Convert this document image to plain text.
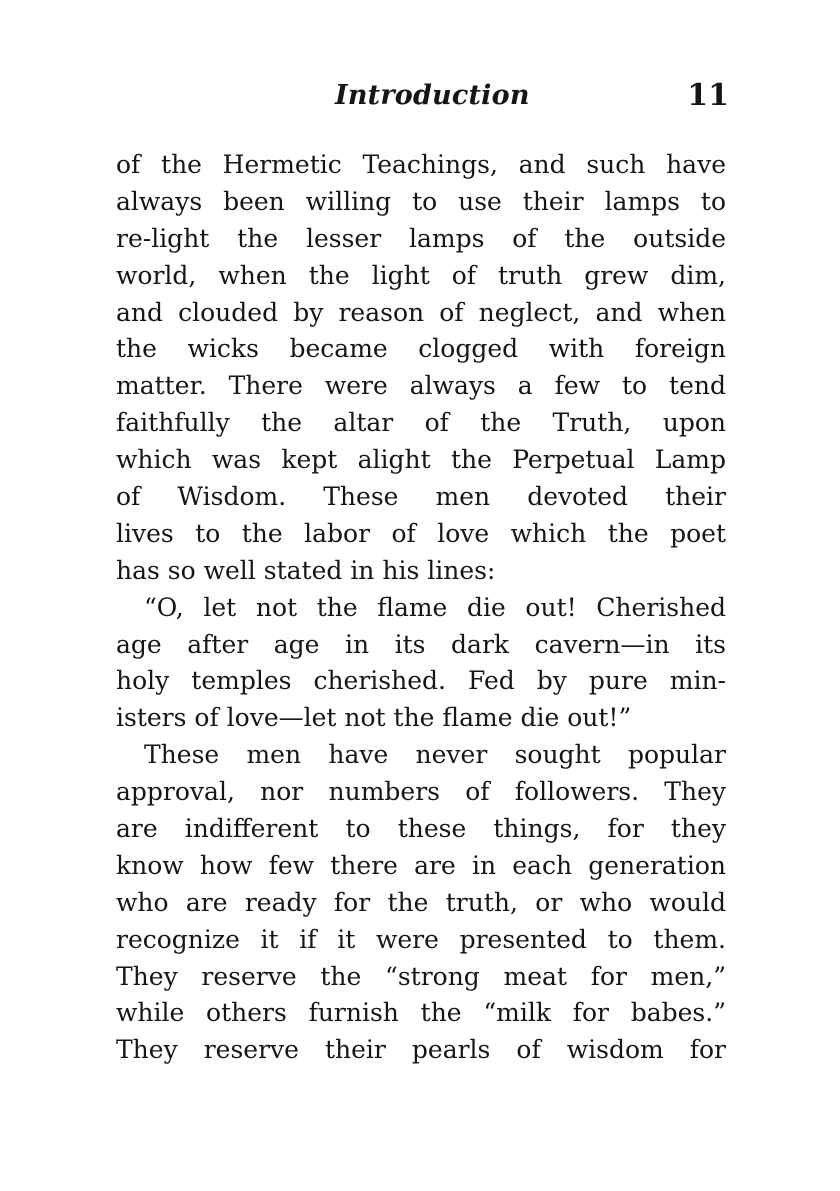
Introduction	11
of the Hermetic Teachings, and such have
always been willing to use their lamps to
re-light the lesser lamps of the outside
world, when the light of truth grew dim,
and clouded by reason of neglect, and when
the wicks became clogged with foreign
matter. There were always a few to tend
faithfully the altar of the Truth, upon
which was kept alight the Perpetual Lamp
of Wisdom. These men devoted their
lives to the labor of love which the poet
has so well stated in his lines:
“O, let not the flame die out! Cherished
age after age in its dark cavern—in its
holy temples cherished. Fed by pure min-
isters of love—let not the flame die out!”
These men have never sought popular
approval, nor numbers of followers. They
are indifferent to these things, for they
know how few there are in each generation
who are ready for the truth, or who would
recognize it if it were presented to them.
They reserve the “strong meat for men,”
while others furnish the “milk for babes.”
They reserve their pearls of wisdom for
